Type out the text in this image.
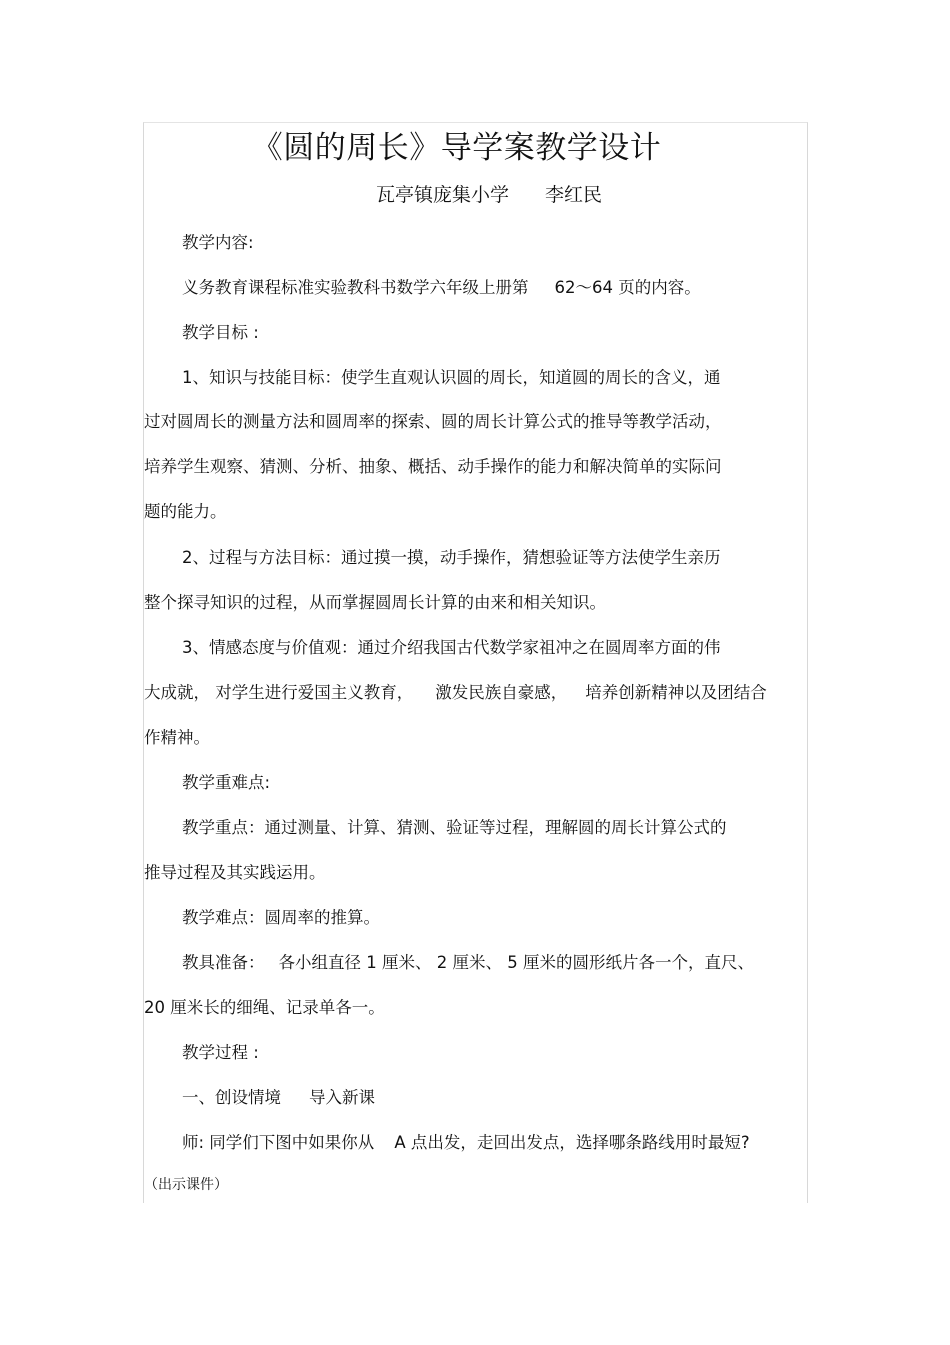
《圆的周长》导学案教学设计
瓦亭镇庞集小学 李红民
教学内容:
义务教育课程标准实验教科书数学六年级上册第 62～64 页的内容。
教学目标 :
1、知识与技能目标：使学生直观认识圆的周长，知道圆的周长的含义，通
过对圆周长的测量方法和圆周率的探索、圆的周长计算公式的推导等教学活动，
培养学生观察、猜测、分析、抽象、概括、动手操作的能力和解决简单的实际问
题的能力。
2、过程与方法目标：通过摸一摸，动手操作，猜想验证等方法使学生亲历
整个探寻知识的过程，从而掌握圆周长计算的由来和相关知识。
3、情感态度与价值观：通过介绍我国古代数学家祖冲之在圆周率方面的伟
大成就， 对学生进行爱国主义教育， 激发民族自豪感， 培养创新精神以及团结合
作精神。
教学重难点:
教学重点：通过测量、计算、猜测、验证等过程，理解圆的周长计算公式的
推导过程及其实践运用。
教学难点：圆周率的推算。
教具准备： 各小组直径 1 厘米、 2 厘米、 5 厘米的圆形纸片各一个，直尺、
20 厘米长的细绳、记录单各一。
教学过程 :
一、创设情境 导入新课
师: 同学们下图中如果你从 A 点出发，走回出发点，选择哪条路线用时最短?
（出示课件）
